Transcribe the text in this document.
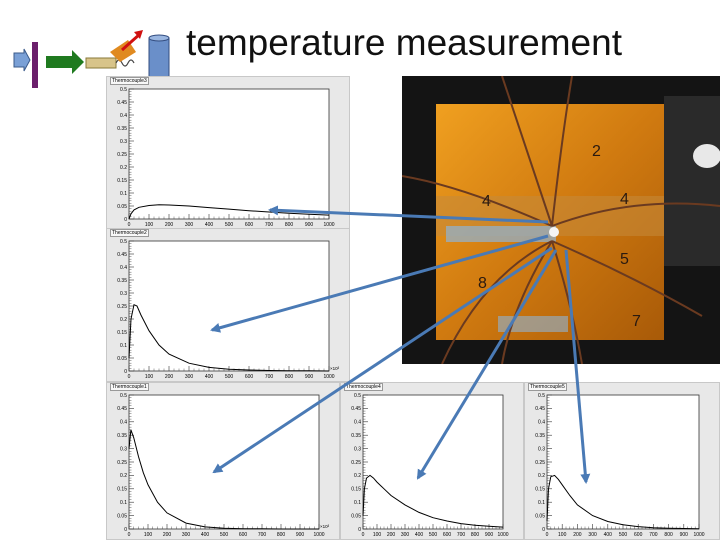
temperature measurement
Thermocouple3
0
0.05
0.1
0.15
0.2
0.25
0.3
0.35
0.4
0.45
0.5
0	100 200 300 400 500 600 700 800 900 1000
Thermocouple2
0
0.05
0.1
0.15
0.2
0.25
0.3
0.35
0.4
0.45
0.5
0	100 200 300 400 500 600 700 800 900 1000
×10³
Thermocouple1
0
0.05
0.1
0.15
0.2
0.25
0.3
0.35
0.4
0.45
0.5
0	100 200 300 400 500 600 700 800 900 1000
×10³
Thermocouple4
0
0.05
0.1
0.15
0.2
0.25
0.3
0.35
0.4
0.45
0.5
0 100 200 300 400 500 600 700 800 900 1000
Thermocouple5
0
0.05
0.1
0.15
0.2
0.25
0.3
0.35
0.4
0.45
0.5
0 100 200 300 400 500 600 700 800 900 1000
2
4	4
5
8
7
